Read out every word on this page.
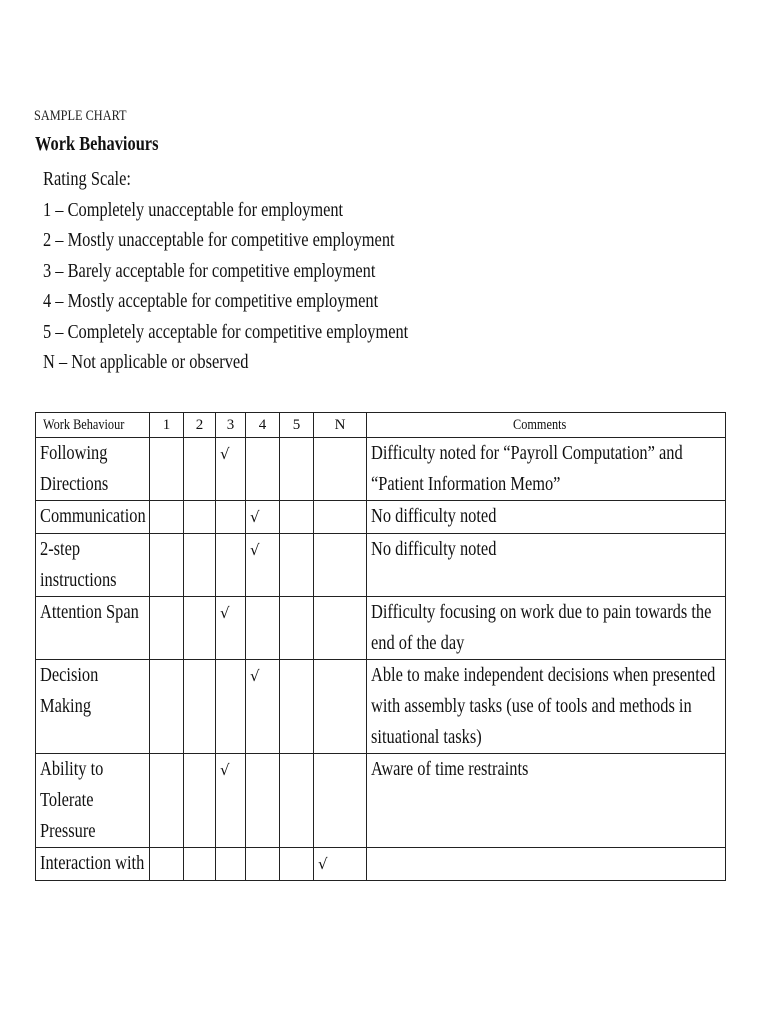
SAMPLE CHART
Work Behaviours
Rating Scale:
1 – Completely unacceptable for employment
2 – Mostly unacceptable for competitive employment
3 – Barely acceptable for competitive employment
4 – Mostly acceptable for competitive employment
5 – Completely acceptable for competitive employment
N – Not applicable or observed
Work Behaviour	1	2	3	4	5	N	Comments

Following Directions			√				Difficulty noted for “Payroll Computation” and “Patient Information Memo”

Communication				√			No difficulty noted

2-step instructions				√			No difficulty noted

Attention Span			√				Difficulty focusing on work due to pain towards the end of the day

Decision Making				√			Able to make independent decisions when presented with assembly tasks (use of tools and methods in situational tasks)

Ability to Tolerate Pressure			√				Aware of time restraints

Interaction with						√	
